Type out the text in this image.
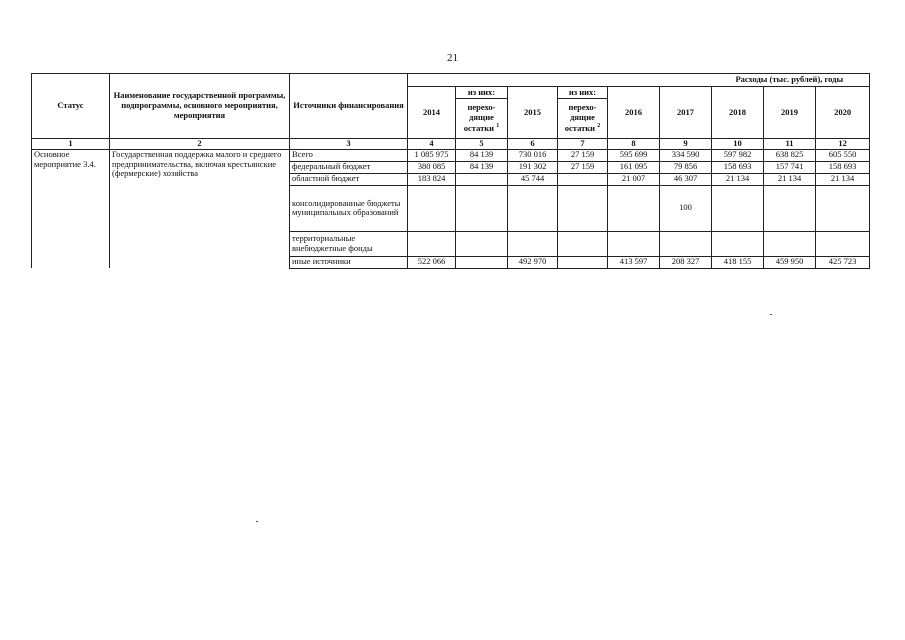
21
Статус	Наименование государственной программы, подпрограммы, основного мероприятия, мероприятия	Источники финансирования	Расходы (тыс. рублей), годы								
			2014	из них:	2015	из них:	2016	2017	2018	2019	2020
				перехо-дящие остатки $^1$		перехо-дящие остатки $^2$

1	2	3	4	5	6	7	8	9	10	11	12
Основное мероприятие 3.4.	Государственная поддержка малого и среднего предпринимательства, включая крестьянские (фермерские) хозяйства	Всего	1 085 975	84 139	730 016	27 159	595 699	334 590	597 982	638 825	605 550
		федеральный бюджет	380 085	84 139	191 302	27 159	161 095	79 856	158 693	157 741	158 693
		областной бюджет	183 824		45 744		21 007	46 307	21 134	21 134	21 134
		консолидированные бюджеты муниципальных образований						100			
		территориальные внебюджетные фонды									
		иные источники	522 066		492 970		413 597	208 327	418 155	459 950	425 723
